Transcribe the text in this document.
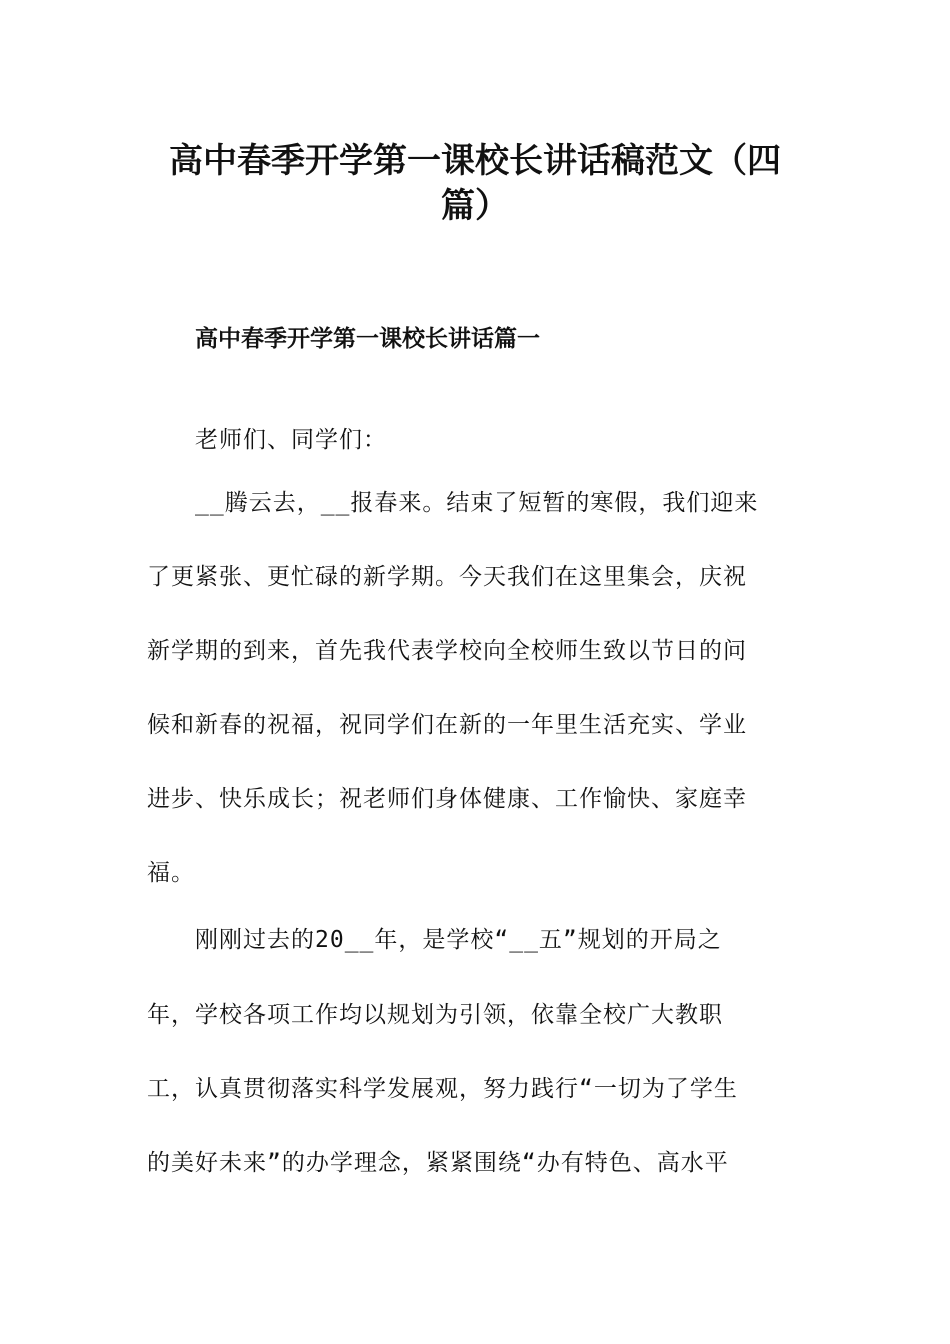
高中春季开学第一课校长讲话稿范文（四
篇）
高中春季开学第一课校长讲话篇一
老师们、同学们：
__腾云去，__报春来。结束了短暂的寒假，我们迎来
了更紧张、更忙碌的新学期。今天我们在这里集会，庆祝
新学期的到来，首先我代表学校向全校师生致以节日的问
候和新春的祝福，祝同学们在新的一年里生活充实、学业
进步、快乐成长；祝老师们身体健康、工作愉快、家庭幸
福。
刚刚过去的20__年，是学校“__五”规划的开局之
年，学校各项工作均以规划为引领，依靠全校广大教职
工，认真贯彻落实科学发展观，努力践行“一切为了学生
的美好未来”的办学理念，紧紧围绕“办有特色、高水平
